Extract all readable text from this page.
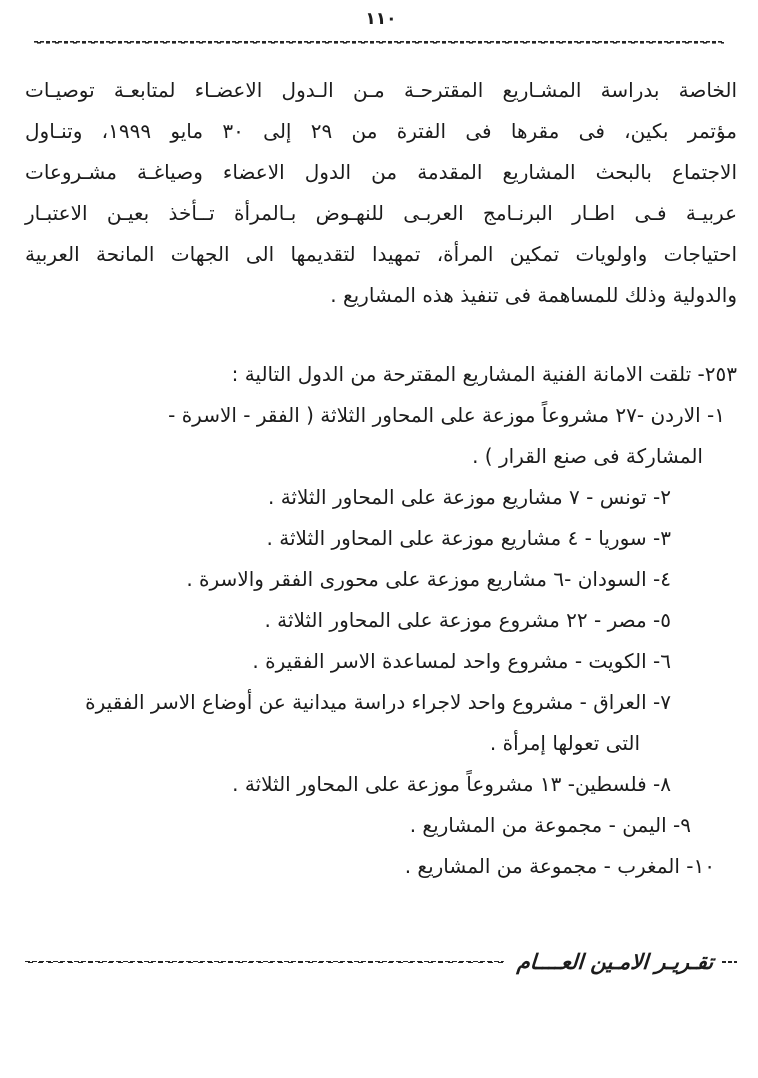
١١٠
الخاصة بدراسة المشـاريع المقترحـة مـن الـدول الاعضـاء لمتابعـة توصيـات
مؤتمر بكين، فى مقرها فى الفترة من ٢٩ إلى ٣٠ مايو ١٩٩٩، وتنـاول
الاجتماع بالبحث المشاريع المقدمة من الدول الاعضاء وصياغـة مشـروعات
عربيـة فـى اطـار البرنـامج العربـى للنهـوض بـالمرأة تــأخذ بعيـن الاعتبـار
احتياجات واولويات تمكين المرأة، تمهيدا لتقديمها الى الجهات المانحة العربية
والدولية وذلك للمساهمة فى تنفيذ هذه المشاريع .
٢٥٣- تلقت الامانة الفنية المشاريع المقترحة من الدول التالية :
١- الاردن -٢٧ مشروعاً موزعة على المحاور الثلاثة ( الفقر - الاسرة -
المشاركة فى صنع القرار ) .
٢- تونس - ٧ مشاريع موزعة على المحاور الثلاثة .
٣- سوريا - ٤ مشاريع موزعة على المحاور الثلاثة .
٤- السودان -٦ مشاريع موزعة على محورى الفقر والاسرة .
٥- مصر - ٢٢ مشروع موزعة على المحاور الثلاثة .
٦- الكويت - مشروع واحد لمساعدة الاسر الفقيرة .
٧- العراق - مشروع واحد لاجراء دراسة ميدانية عن أوضاع الاسر الفقيرة
التى تعولها إمرأة .
٨- فلسطين- ١٣ مشروعاً موزعة على المحاور الثلاثة .
٩- اليمن - مجموعة من المشاريع .
١٠- المغرب - مجموعة من المشاريع .
تقـريـر الامـين العــــام
